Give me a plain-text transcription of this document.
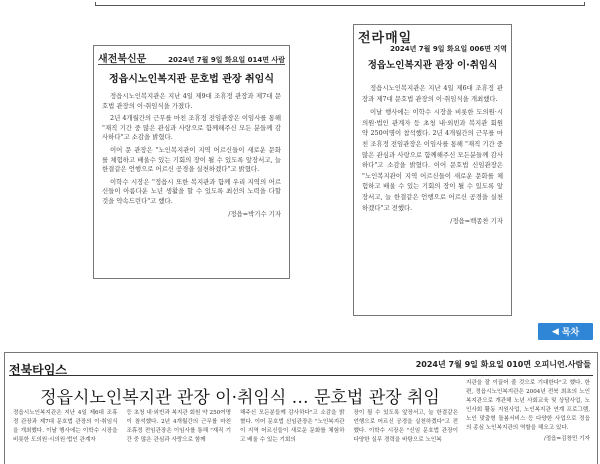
새전북신문	2024년 7월 9일 화요일 014면 사람
정읍시노인복지관 문호법 관장 취임식

정읍시노인복지관은 지난 4일 제9대 조휴정 관장과 제7대 문호법 관장의 이·취임식을 가졌다.

2년 4개월간의 근무를 마친 조휴정 전임관장은 이임사를 통해 "재직 기간 중 많은 관심과 사랑으로 함께해주신 모든 분들께 감사하다"고 소감을 밝혔다.

이어 문 관장은 "노인복지관이 지역 어르신들이 새로운 문화를 체험하고 배울수 있는 기회의 장이 될 수 있도록 앞장서고, 늘 한결같은 언행으로 어르신 공경을 실천하겠다"고 밝혔다.

이학수 시장은 "정읍시 또한 복지관과 함께 우리 지역의 어르신들이 아름다운 노년 생활을 할 수 있도록 최선의 노력을 다할 것을 약속드린다"고 했다.

/정읍=박기수 기자
전라매일
2024년 7월 9일 화요일 006면 지역
정읍노인복지관 관장 이·취임식

정읍시노인복지관은 지난 4일 제6대 조휴정 관장과 제7대 문호법 관장의 이·취임식을 개최했다.

이날 행사에는 이학수 시장을 비롯한 도의원·시의원·법인 관계자 등 초청 내·외빈과 복지관 회원 약 250여명이 참석했다. 2년 4개월간의 근무를 마친 조휴정 전임관장은 이임사를 통해 "재직 기간 중 많은 관심과 사랑으로 함께해주신 모든분들께 감사하다"고 소감을 밝혔다. 이어 문호법 신임관장은 "노인복지관이 지역 어르신들이 새로운 문화를 체험하고 배울 수 있는 기회의 장이 될 수 있도록 앞장서고, 늘 한결같은 언행으로 어르신 공경을 실천하겠다"고 전했다.

/정읍=백종찬 기자
◀ 목차
전북타임스	2024년 7월 9일 화요일 010면 오피니언.사람들
정읍시노인복지관 관장 이·취임식 … 문호법 관장 취임
정읍시노인복지관은 지난 4일 제6대 조휴정 관장과 제7대 문호법 관장의 이·취임식을 개최했다. 이날 행사에는 이학수 시장을 비롯한 도의원·시의원·법인 관계자
등 초청 내·외빈과 복지관 회원 약 250여명이 참석했다. 2년 4개월간의 근무를 마친 조휴정 전임관장은 이임사를 통해 "재직 기간 중 많은 관심과 사랑으로 함께
해주신 모든분들께 감사하다"고 소감을 밝혔다. 이어 문호법 신임관장은 "노인복지관이 지역 어르신들이 새로운 문화를 체험하고 배울 수 있는 기회의
장이 될 수 있도록 앞장서고, 늘 한결같은 언행으로 어르신 공경을 실천하겠다"고 전했다. 이학수 시장은 "신임 문호법 관장이 다양한 실무 경력을 바탕으로 노인복
지관을 잘 이끌어 줄 것으로 기대한다"고 했다. 한편, 정읍시노인복지관은 2004년 전북 최초의 노인복지관으로 개관해 노년 사회교육 및 상담사업, 노인사회 활동 지원사업, 노인복지관 연계 프로그램, 노인 맞춤형 돌봄서비스 등 다양한 사업으로 정읍의 종심 노인복지관의 역할을 해오고 있다.
/정읍=김창민 기자
